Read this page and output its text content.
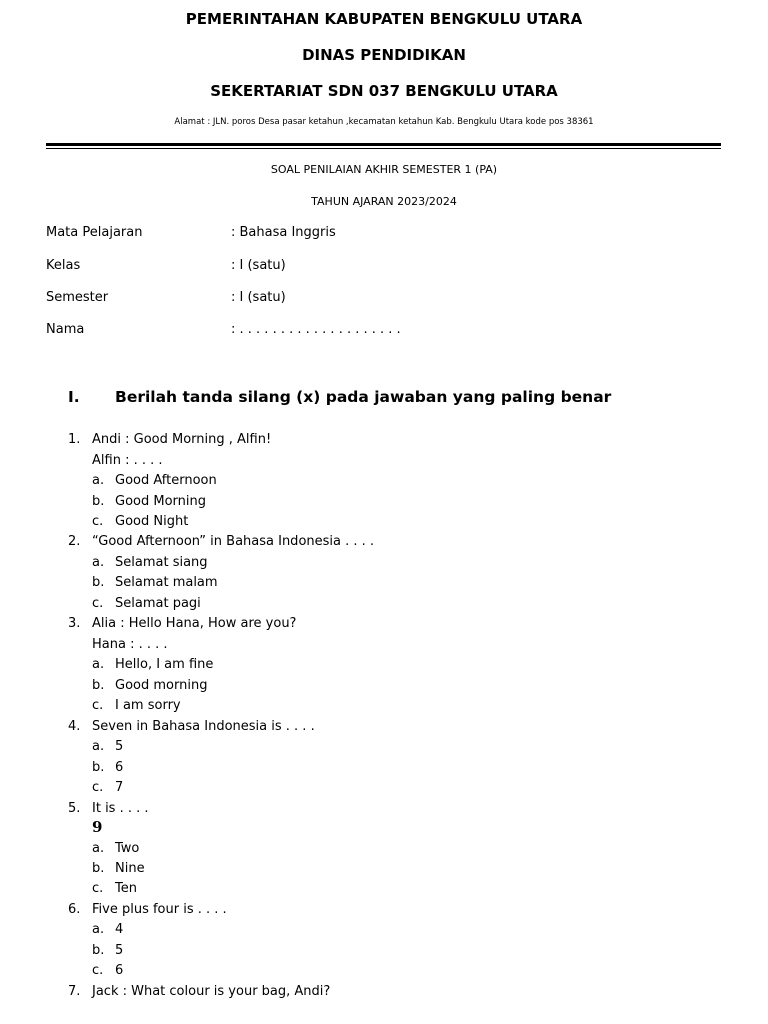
PEMERINTAHAN KABUPATEN BENGKULU UTARA
DINAS PENDIDIKAN
SEKERTARIAT SDN 037 BENGKULU UTARA
Alamat : JLN. poros Desa pasar ketahun ,kecamatan ketahun Kab. Bengkulu Utara kode pos 38361
SOAL PENILAIAN AKHIR SEMESTER 1 (PA)
TAHUN AJARAN 2023/2024
Mata Pelajaran	: Bahasa Inggris
Kelas	: I (satu)
Semester	: I (satu)
Nama	: . . . . . . . . . . . . . . . . . . . .
I. Berilah tanda silang (x) pada jawaban yang paling benar
1. Andi : Good Morning , Alfin!
Alfin : . . . .
a. Good Afternoon
b. Good Morning
c. Good Night
2. “Good Afternoon” in Bahasa Indonesia . . . .
a. Selamat siang
b. Selamat malam
c. Selamat pagi
3. Alia : Hello Hana, How are you?
Hana : . . . .
a. Hello, I am fine
b. Good morning
c. I am sorry
4. Seven in Bahasa Indonesia is . . . .
a. 5
b. 6
c. 7
5. It is . . . .
9
a. Two
b. Nine
c. Ten
6. Five plus four is . . . .
a. 4
b. 5
c. 6
7. Jack : What colour is your bag, Andi?
